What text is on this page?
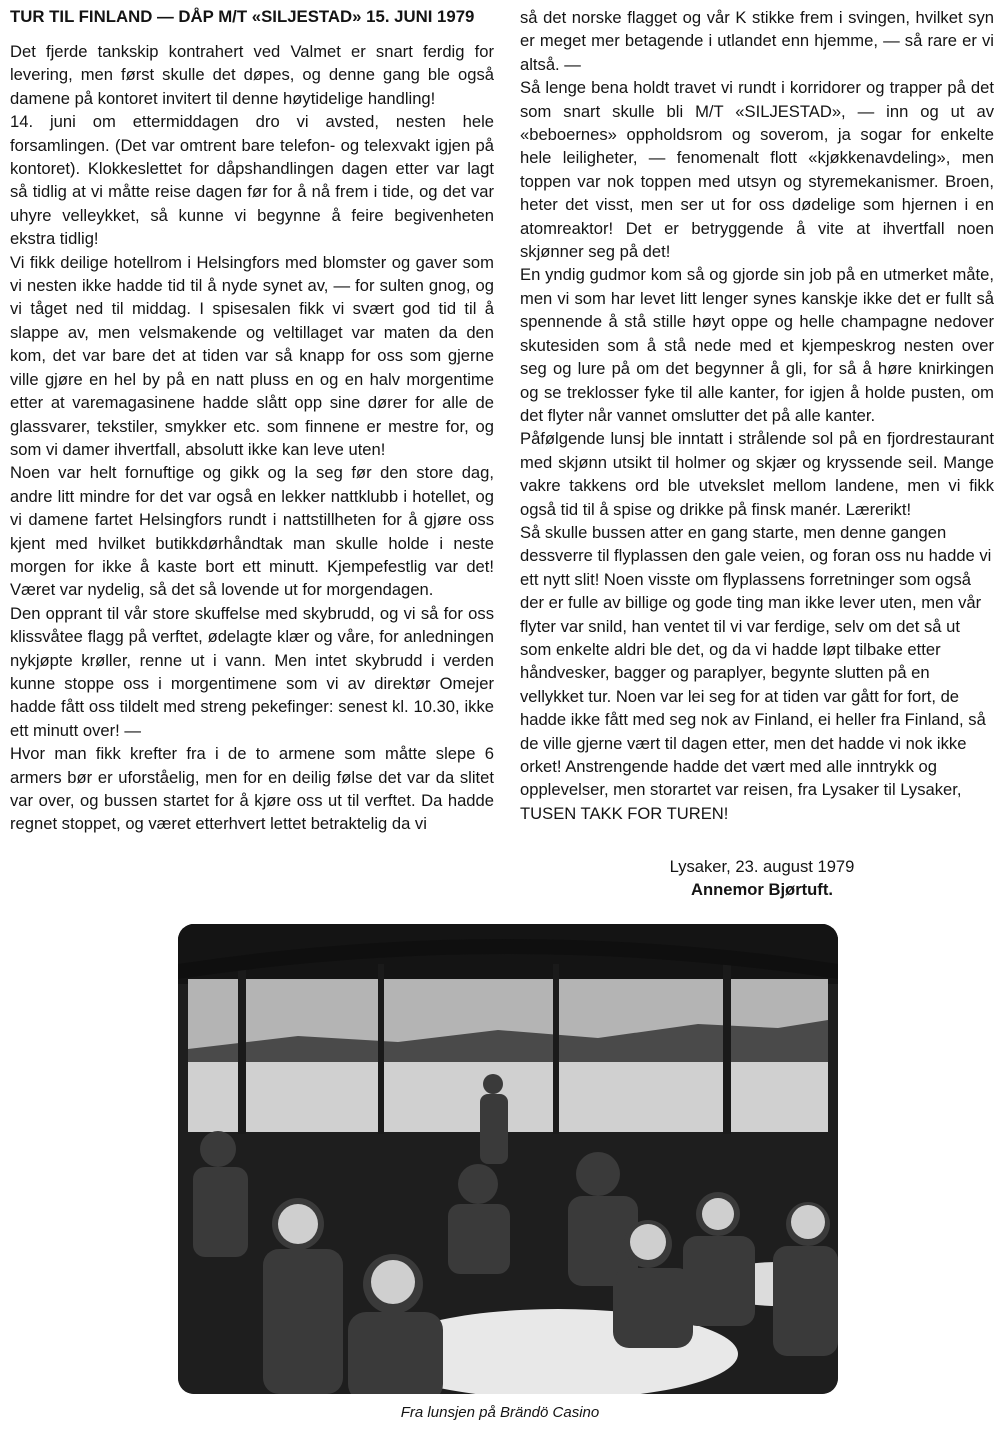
TUR TIL FINLAND — DÅP M/T «SILJESTAD» 15. JUNI 1979

Det fjerde tankskip kontrahert ved Valmet er snart ferdig for levering, men først skulle det døpes, og denne gang ble også damene på kontoret invitert til denne høytidelige handling!

14. juni om ettermiddagen dro vi avsted, nesten hele forsamlingen. (Det var omtrent bare telefon- og telexvakt igjen på kontoret). Klokkeslettet for dåpshandlingen dagen etter var lagt så tidlig at vi måtte reise dagen før for å nå frem i tide, og det var uhyre velleykket, så kunne vi begynne å feire begivenheten ekstra tidlig!

Vi fikk deilige hotellrom i Helsingfors med blomster og gaver som vi nesten ikke hadde tid til å nyde synet av, — for sulten gnog, og vi tåget ned til middag. I spisesalen fikk vi svært god tid til å slappe av, men velsmakende og veltillaget var maten da den kom, det var bare det at tiden var så knapp for oss som gjerne ville gjøre en hel by på en natt pluss en og en halv morgentime etter at varemagasinene hadde slått opp sine dører for alle de glassvarer, tekstiler, smykker etc. som finnene er mestre for, og som vi damer ihvertfall, absolutt ikke kan leve uten!

Noen var helt fornuftige og gikk og la seg før den store dag, andre litt mindre for det var også en lekker nattklubb i hotellet, og vi damene fartet Helsingfors rundt i nattstillheten for å gjøre oss kjent med hvilket butikkdørhåndtak man skulle holde i neste morgen for ikke å kaste bort ett minutt. Kjempefestlig var det! Været var nydelig, så det så lovende ut for morgendagen.

Den opprant til vår store skuffelse med skybrudd, og vi så for oss klissvåtee flagg på verftet, ødelagte klær og våre, for anledningen nykjøpte krøller, renne ut i vann. Men intet skybrudd i verden kunne stoppe oss i morgentimene som vi av direktør Omejer hadde fått oss tildelt med streng pekefinger: senest kl. 10.30, ikke ett minutt over! —

Hvor man fikk krefter fra i de to armene som måtte slepe 6 armers bør er uforståelig, men for en deilig følse det var da slitet var over, og bussen startet for å kjøre oss ut til verftet. Da hadde regnet stoppet, og været etterhvert lettet betraktelig da vi

så det norske flagget og vår K stikke frem i svingen, hvilket syn er meget mer betagende i utlandet enn hjemme, — så rare er vi altså. —

Så lenge bena holdt travet vi rundt i korridorer og trapper på det som snart skulle bli M/T «SILJESTAD», — inn og ut av «beboernes» oppholdsrom og soverom, ja sogar for enkelte hele leiligheter, — fenomenalt flott «kjøkkenavdeling», men toppen var nok toppen med utsyn og styremekanismer. Broen, heter det visst, men ser ut for oss dødelige som hjernen i en atomreaktor! Det er betryggende å vite at ihvertfall noen skjønner seg på det!

En yndig gudmor kom så og gjorde sin job på en utmerket måte, men vi som har levet litt lenger synes kanskje ikke det er fullt så spennende å stå stille høyt oppe og helle champagne nedover skutesiden som å stå nede med et kjempeskrog nesten over seg og lure på om det begynner å gli, for så å høre knirkingen og se treklosser fyke til alle kanter, for igjen å holde pusten, om det flyter når vannet omslutter det på alle kanter.

Påfølgende lunsj ble inntatt i strålende sol på en fjordrestaurant med skjønn utsikt til holmer og skjær og kryssende seil. Mange vakre takkens ord ble utvekslet mellom landene, men vi fikk også tid til å spise og drikke på finsk manér. Lærerikt!

Så skulle bussen atter en gang starte, men denne gangen dessverre til flyplassen den gale veien, og foran oss nu hadde vi ett nytt slit! Noen visste om flyplassens forretninger som også der er fulle av billige og gode ting man ikke lever uten, men vår flyter var snild, han ventet til vi var ferdige, selv om det så ut som enkelte aldri ble det, og da vi hadde løpt tilbake etter håndvesker, bagger og paraplyer, begynte slutten på en vellykket tur. Noen var lei seg for at tiden var gått for fort, de hadde ikke fått med seg nok av Finland, ei heller fra Finland, så de ville gjerne vært til dagen etter, men det hadde vi nok ikke orket! Anstrengende hadde det vært med alle inntrykk og opplevelser, men storartet var reisen, fra Lysaker til Lysaker, TUSEN TAKK FOR TUREN!

Lysaker, 23. august 1979
Annemor Bjørtuft.
Fra lunsjen på Brändö Casino
